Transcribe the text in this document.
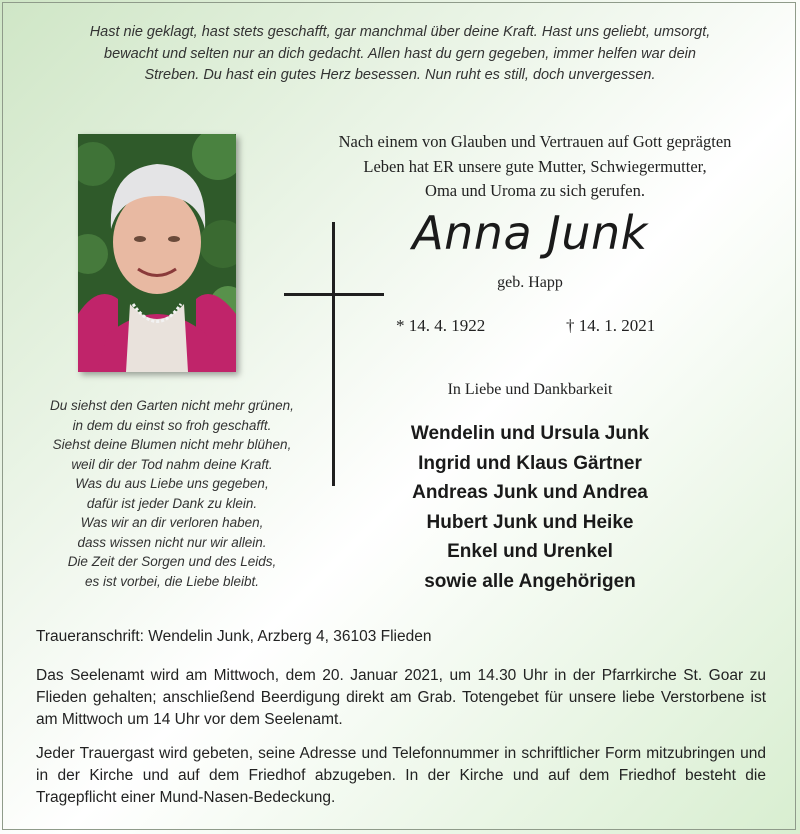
Hast nie geklagt, hast stets geschafft, gar manchmal über deine Kraft. Hast uns geliebt, umsorgt,
bewacht und selten nur an dich gedacht. Allen hast du gern gegeben, immer helfen war dein
Streben. Du hast ein gutes Herz besessen. Nun ruht es still, doch unvergessen.
Du siehst den Garten nicht mehr grünen,
in dem du einst so froh geschafft.
Siehst deine Blumen nicht mehr blühen,
weil dir der Tod nahm deine Kraft.
Was du aus Liebe uns gegeben,
dafür ist jeder Dank zu klein.
Was wir an dir verloren haben,
dass wissen nicht nur wir allein.
Die Zeit der Sorgen und des Leids,
es ist vorbei, die Liebe bleibt.
Nach einem von Glauben und Vertrauen auf Gott geprägten
Leben hat ER unsere gute Mutter, Schwiegermutter,
Oma und Uroma zu sich gerufen.
Anna Junk
geb. Happ
* 14. 4. 1922	† 14. 1. 2021
In Liebe und Dankbarkeit
Wendelin und Ursula Junk
Ingrid und Klaus Gärtner
Andreas Junk und Andrea
Hubert Junk und Heike
Enkel und Urenkel
sowie alle Angehörigen
Traueranschrift: Wendelin Junk, Arzberg 4, 36103 Flieden
Das Seelenamt wird am Mittwoch, dem 20. Januar 2021, um 14.30 Uhr in der Pfarrkirche St. Goar zu Flieden gehalten; anschließend Beerdigung direkt am Grab. Totengebet für unsere liebe Verstorbene ist am Mittwoch um 14 Uhr vor dem Seelenamt.
Jeder Trauergast wird gebeten, seine Adresse und Telefonnummer in schriftlicher Form mitzubringen und in der Kirche und auf dem Friedhof abzugeben. In der Kirche und auf dem Friedhof besteht die Tragepflicht einer Mund-Nasen-Bedeckung.
